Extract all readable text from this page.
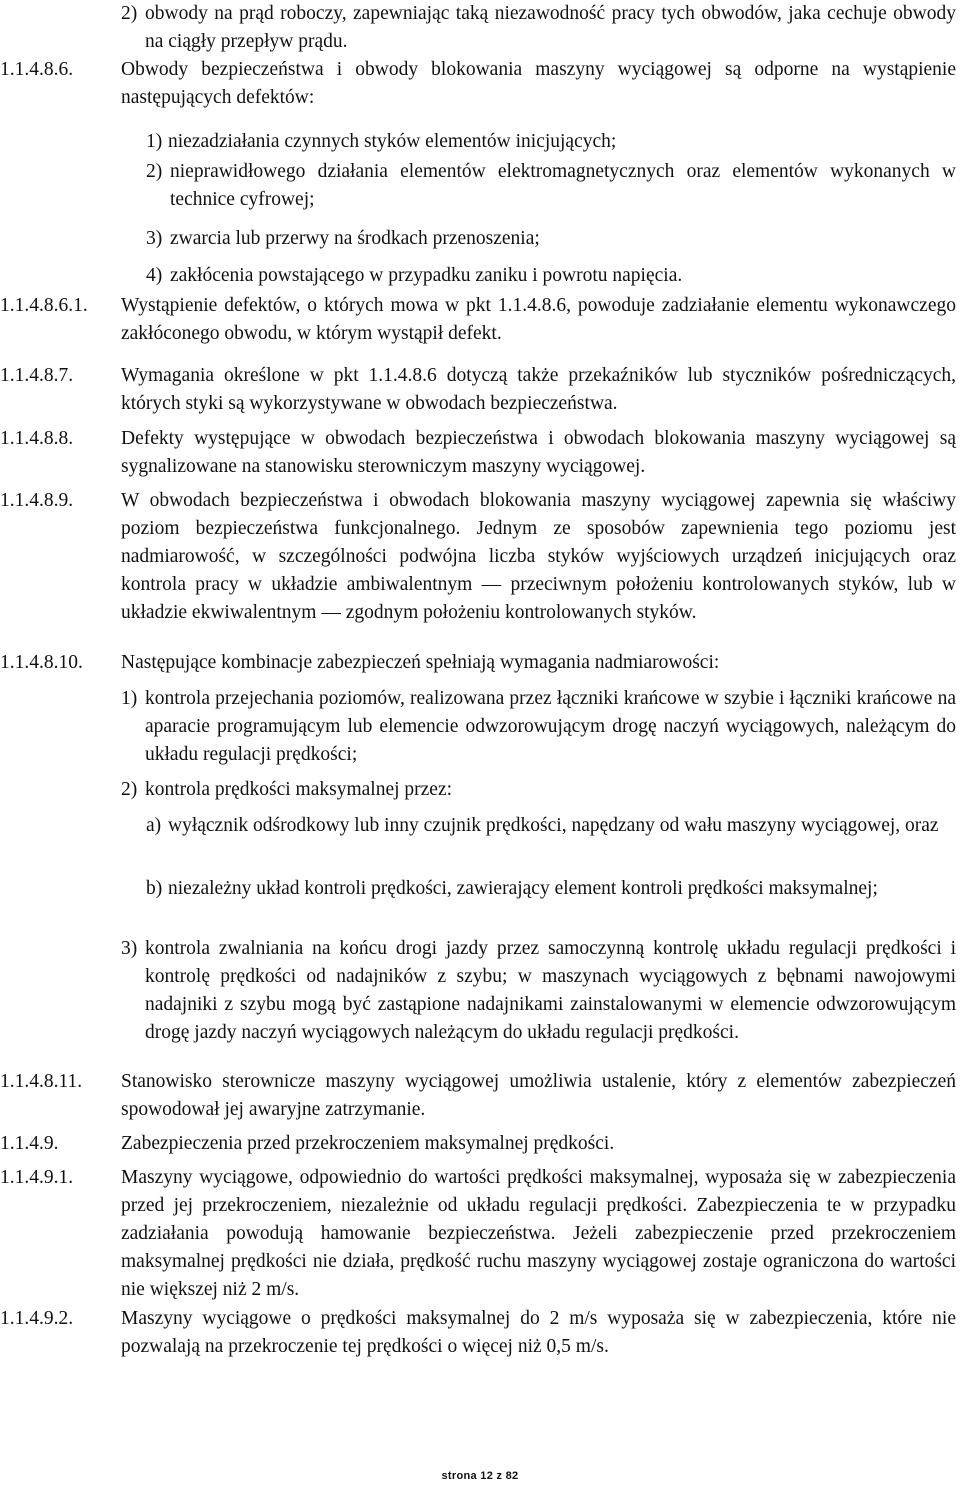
2) obwody na prąd roboczy, zapewniając taką niezawodność pracy tych obwodów, jaka cechuje obwody na ciągły przepływ prądu.
1.1.4.8.6.	Obwody bezpieczeństwa i obwody blokowania maszyny wyciągowej są odporne na wystąpienie następujących defektów:
1) niezadziałania czynnych styków elementów inicjujących;
2) nieprawidłowego działania elementów elektromagnetycznych oraz elementów wykonanych w technice cyfrowej;
3) zwarcia lub przerwy na środkach przenoszenia;
4) zakłócenia powstającego w przypadku zaniku i powrotu napięcia.
1.1.4.8.6.1.	Wystąpienie defektów, o których mowa w pkt 1.1.4.8.6, powoduje zadziałanie elementu wykonawczego zakłóconego obwodu, w którym wystąpił defekt.
1.1.4.8.7.	Wymagania określone w pkt 1.1.4.8.6 dotyczą także przekaźników lub styczników pośredniczących, których styki są wykorzystywane w obwodach bezpieczeństwa.
1.1.4.8.8.	Defekty występujące w obwodach bezpieczeństwa i obwodach blokowania maszyny wyciągowej są sygnalizowane na stanowisku sterowniczym maszyny wyciągowej.
1.1.4.8.9.	W obwodach bezpieczeństwa i obwodach blokowania maszyny wyciągowej zapewnia się właściwy poziom bezpieczeństwa funkcjonalnego. Jednym ze sposobów zapewnienia tego poziomu jest nadmiarowość, w szczególności podwójna liczba styków wyjściowych urządzeń inicjujących oraz kontrola pracy w układzie ambiwalentnym — przeciwnym położeniu kontrolowanych styków, lub w układzie ekwiwalentnym — zgodnym położeniu kontrolowanych styków.
1.1.4.8.10.	Następujące kombinacje zabezpieczeń spełniają wymagania nadmiarowości:
1) kontrola przejechania poziomów, realizowana przez łączniki krańcowe w szybie i łączniki krańcowe na aparacie programującym lub elemencie odwzorowującym drogę naczyń wyciągowych, należącym do układu regulacji prędkości;
2) kontrola prędkości maksymalnej przez:
a) wyłącznik odśrodkowy lub inny czujnik prędkości, napędzany od wału maszyny wyciągowej, oraz
b) niezależny układ kontroli prędkości, zawierający element kontroli prędkości maksymalnej;
3) kontrola zwalniania na końcu drogi jazdy przez samoczynną kontrolę układu regulacji prędkości i kontrolę prędkości od nadajników z szybu; w maszynach wyciągowych z bębnami nawojowymi nadajniki z szybu mogą być zastąpione nadajnikami zainstalowanymi w elemencie odwzorowującym drogę jazdy naczyń wyciągowych należącym do układu regulacji prędkości.
1.1.4.8.11.	Stanowisko sterownicze maszyny wyciągowej umożliwia ustalenie, który z elementów zabezpieczeń spowodował jej awaryjne zatrzymanie.
1.1.4.9.	Zabezpieczenia przed przekroczeniem maksymalnej prędkości.
1.1.4.9.1.	Maszyny wyciągowe, odpowiednio do wartości prędkości maksymalnej, wyposaża się w zabezpieczenia przed jej przekroczeniem, niezależnie od układu regulacji prędkości. Zabezpieczenia te w przypadku zadziałania powodują hamowanie bezpieczeństwa. Jeżeli zabezpieczenie przed przekroczeniem maksymalnej prędkości nie działa, prędkość ruchu maszyny wyciągowej zostaje ograniczona do wartości nie większej niż 2 m/s.
1.1.4.9.2.	Maszyny wyciągowe o prędkości maksymalnej do 2 m/s wyposaża się w zabezpieczenia, które nie pozwalają na przekroczenie tej prędkości o więcej niż 0,5 m/s.
strona 12 z 82
